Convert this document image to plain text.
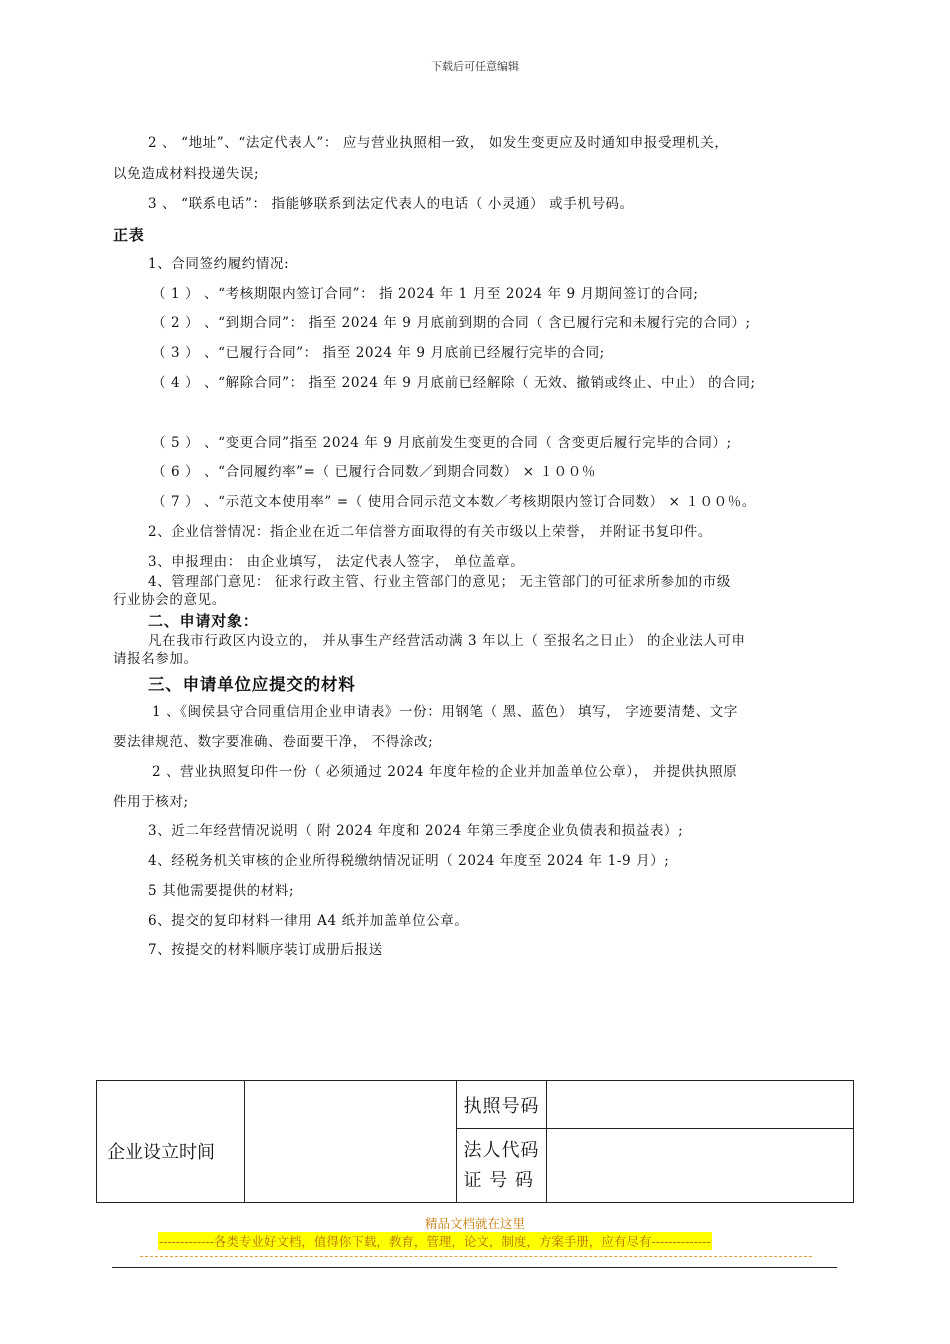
下载后可任意编辑
2 、 “地址”、“法定代表人”： 应与营业执照相一致， 如发生变更应及时通知申报受理机关，
以免造成材料投递失误;
3 、 “联系电话”： 指能够联系到法定代表人的电话（ 小灵通） 或手机号码。
正表
1、合同签约履约情况:
（ 1 ） 、“考核期限内签订合同”： 指 2024 年 1 月至 2024 年 9 月期间签订的合同;
（ 2 ） 、“到期合同”： 指至 2024 年 9 月底前到期的合同（ 含已履行完和未履行完的合同）;
（ 3 ） 、“已履行合同”： 指至 2024 年 9 月底前已经履行完毕的合同;
（ 4 ） 、“解除合同”： 指至 2024 年 9 月底前已经解除（ 无效、撤销或终止、中止） 的合同;
（ 5 ） 、“变更合同”指至 2024 年 9 月底前发生变更的合同（ 含变更后履行完毕的合同）;
（ 6 ） 、“合同履约率”=（ 已履行合同数／到期合同数） × １００％
（ 7 ） 、“示范文本使用率” =（ 使用合同示范文本数／考核期限内签订合同数） × １００％。
2、企业信誉情况：指企业在近二年信誉方面取得的有关市级以上荣誉， 并附证书复印件。
3、申报理由： 由企业填写， 法定代表人签字， 单位盖章。
4、管理部门意见： 征求行政主管、行业主管部门的意见； 无主管部门的可征求所参加的市级
行业协会的意见。
二、申请对象：
凡在我市行政区内设立的， 并从事生产经营活动满 3 年以上（ 至报名之日止） 的企业法人可申
请报名参加。
三、申请单位应提交的材料
1 、《闽侯县守合同重信用企业申请表》一份：用钢笔（ 黑、蓝色） 填写， 字迹要清楚、文字
要法律规范、数字要准确、卷面要干净， 不得涂改;
2 、营业执照复印件一份（ 必须通过 2024 年度年检的企业并加盖单位公章）， 并提供执照原
件用于核对;
3、近二年经营情况说明（ 附 2024 年度和 2024 年第三季度企业负债表和损益表）;
4、经税务机关审核的企业所得税缴纳情况证明（ 2024 年度至 2024 年 1-9 月）;
5 其他需要提供的材料;
6、提交的复印材料一律用 A4 纸并加盖单位公章。
7、按提交的材料顺序装订成册后报送
企业设立时间		执照号码	
		法人代码
证 号 码	
精品文档就在这里
-------------各类专业好文档，值得你下载，教育，管理，论文，制度，方案手册，应有尽有--------------
